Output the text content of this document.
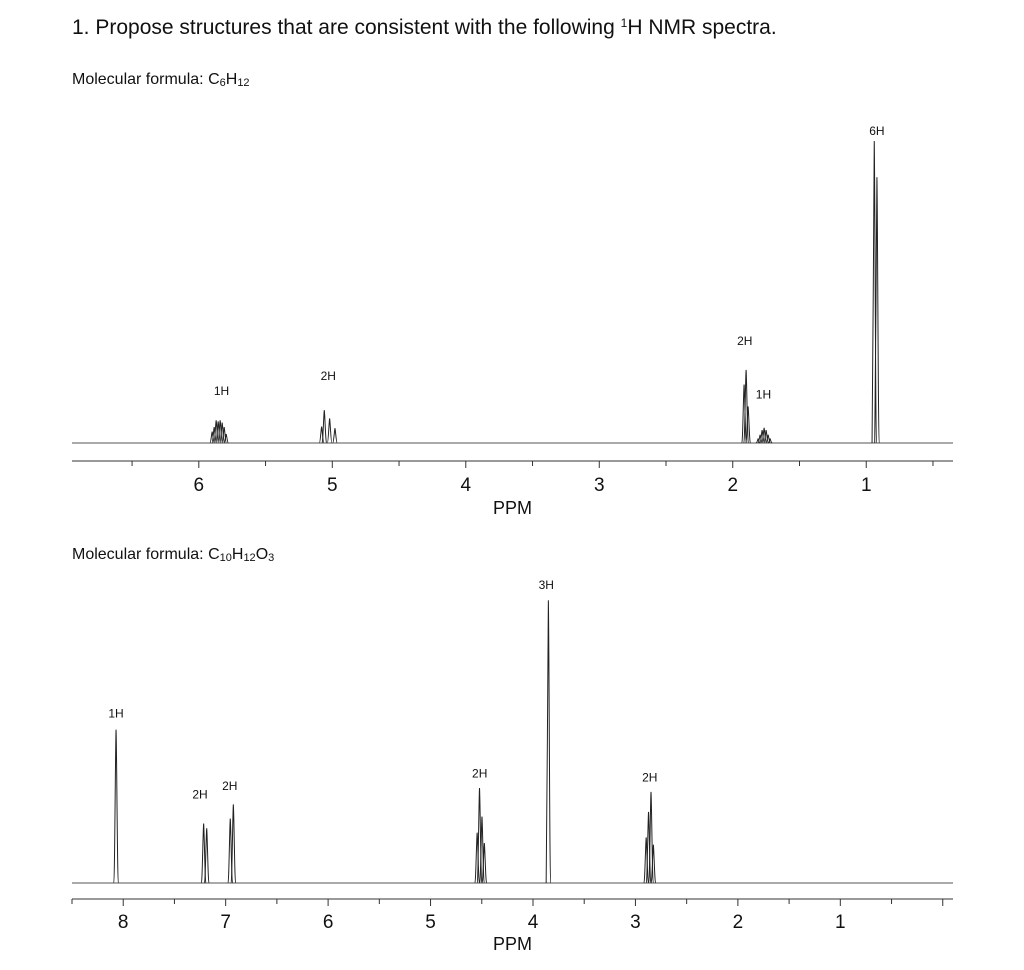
1. Propose structures that are consistent with the following $^1$H NMR spectra.
Molecular formula: $C_6H_{12}$
Molecular formula: $C_{10}H_{12}O_3$
6	5	4	3	2	1
PPM
1H
2H
2H
1H
6H
8	7	6	5	4	3	2	1
PPM
1H
2H
2H
2H
3H
2H
